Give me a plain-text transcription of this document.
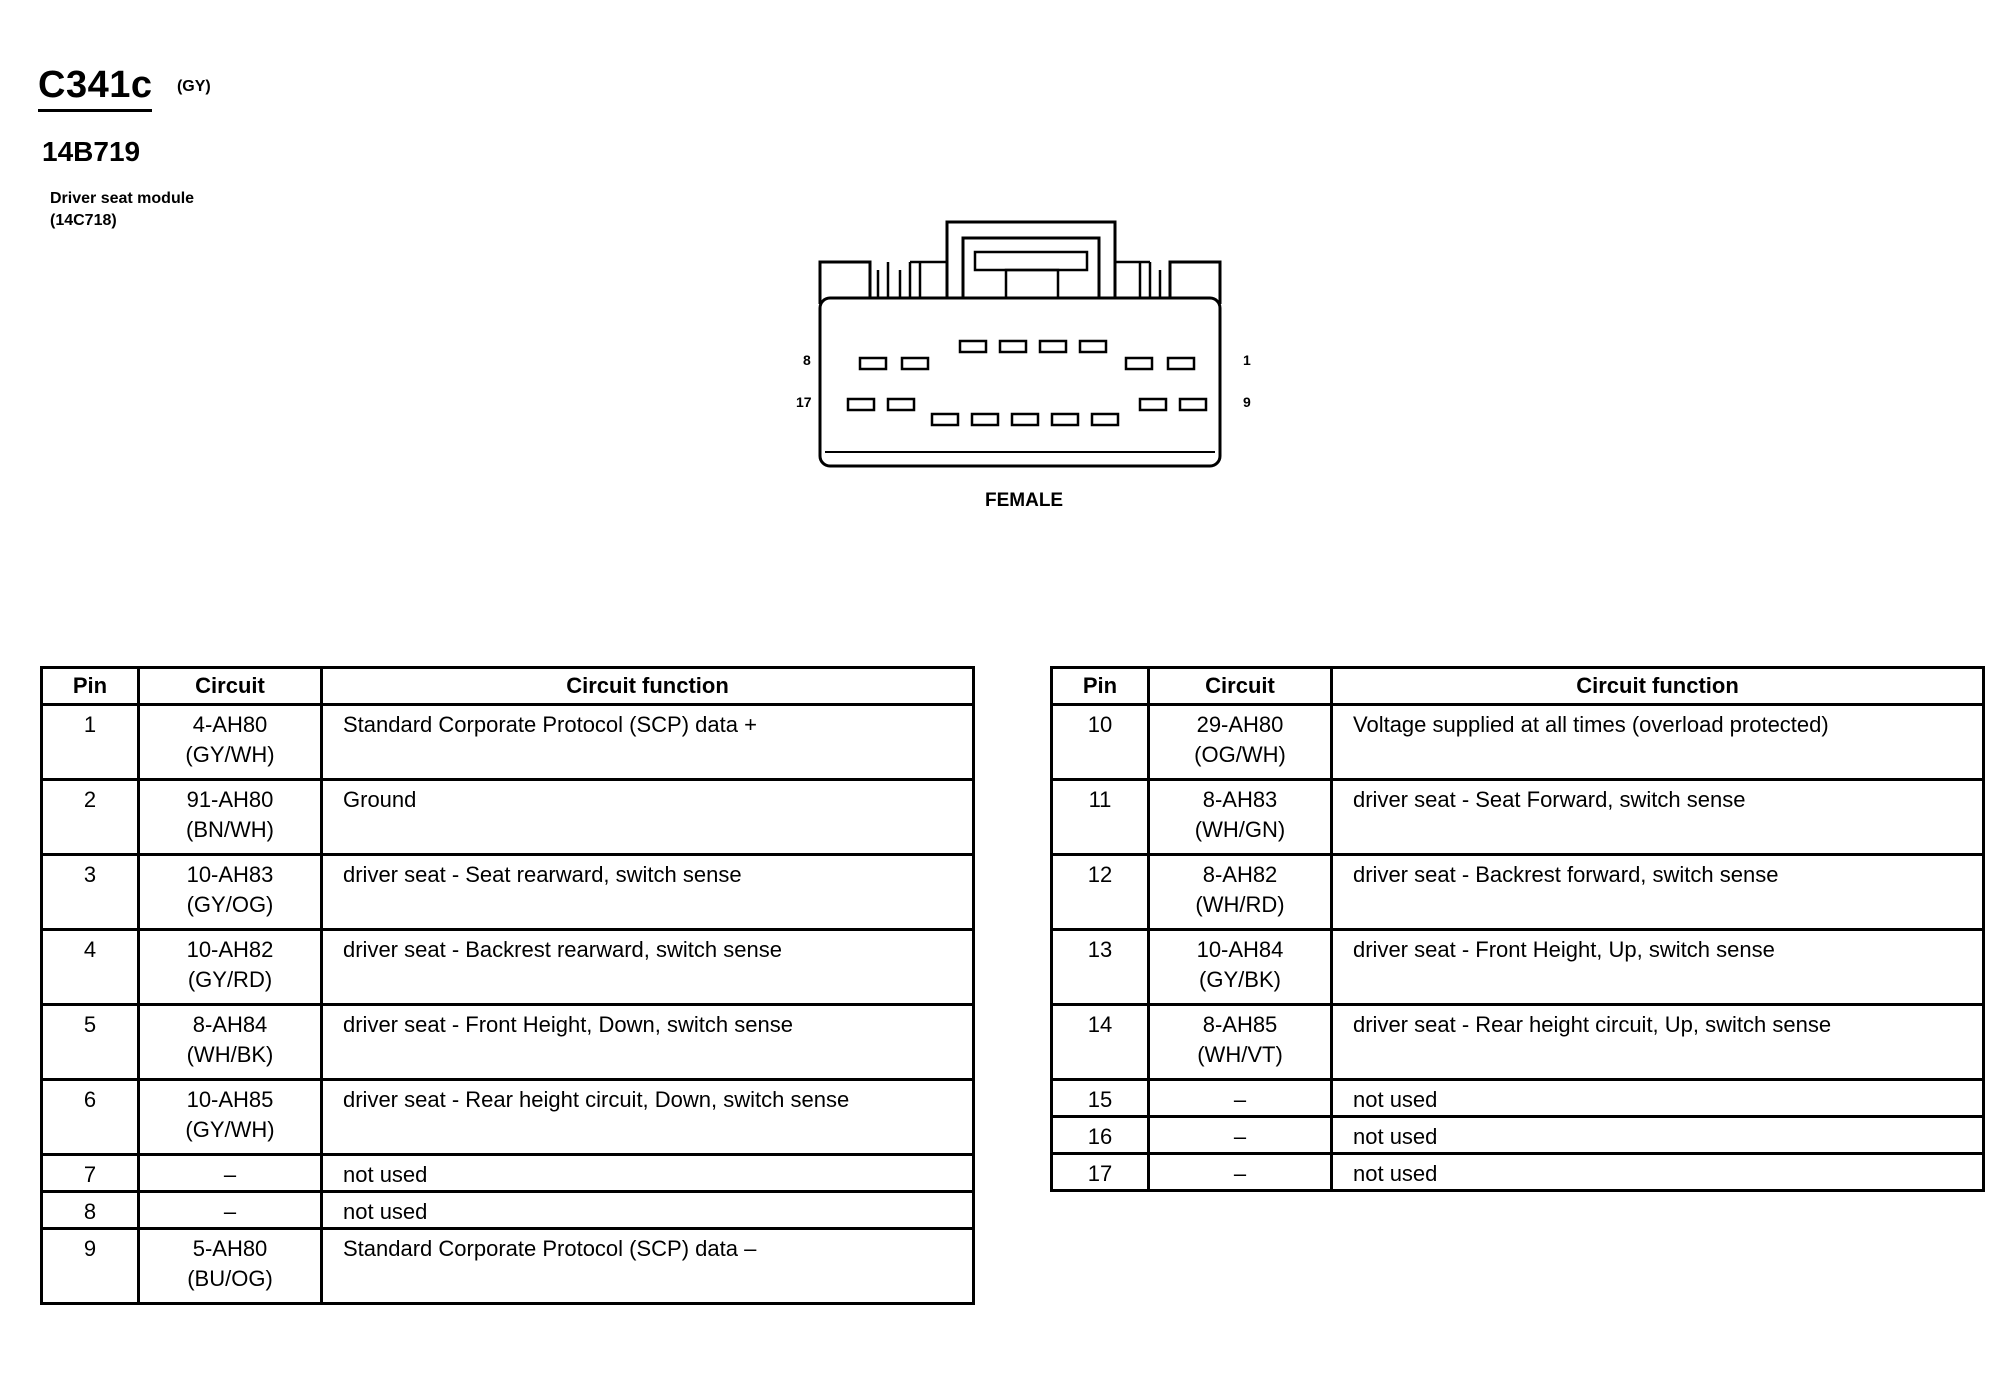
C341c (GY)
14B719
Driver seat module
(14C718)
8	1
17	9
FEMALE
Pin	Circuit	Circuit function

1	4-AH80
(GY/WH)	Standard Corporate Protocol (SCP) data +

2	91-AH80
(BN/WH)	Ground

3	10-AH83
(GY/OG)	driver seat - Seat rearward, switch sense

4	10-AH82
(GY/RD)	driver seat - Backrest rearward, switch sense

5	8-AH84
(WH/BK)	driver seat - Front Height, Down, switch sense

6	10-AH85
(GY/WH)	driver seat - Rear height circuit, Down, switch sense

7	–	not used

8	–	not used

9	5-AH80
(BU/OG)	Standard Corporate Protocol (SCP) data –
Pin	Circuit	Circuit function

10	29-AH80
(OG/WH)	Voltage supplied at all times (overload protected)

11	8-AH83
(WH/GN)	driver seat - Seat Forward, switch sense

12	8-AH82
(WH/RD)	driver seat - Backrest forward, switch sense

13	10-AH84
(GY/BK)	driver seat - Front Height, Up, switch sense

14	8-AH85
(WH/VT)	driver seat - Rear height circuit, Up, switch sense

15	–	not used

16	–	not used

17	–	not used
